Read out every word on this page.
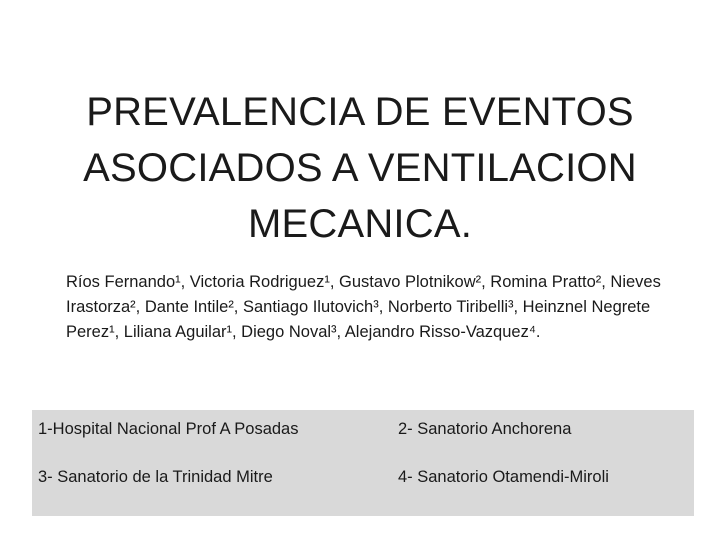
PREVALENCIA DE EVENTOS
ASOCIADOS A VENTILACION
MECANICA.

Ríos Fernando¹, Victoria Rodriguez¹, Gustavo Plotnikow², Romina Pratto², Nieves Irastorza², Dante Intile², Santiago Ilutovich³, Norberto Tiribelli³, Heinznel Negrete Perez¹, Liliana Aguilar¹, Diego Noval³, Alejandro Risso-Vazquez⁴.

1-Hospital Nacional Prof A Posadas	2- Sanatorio Anchorena
3- Sanatorio de la Trinidad Mitre	4- Sanatorio Otamendi-Miroli
